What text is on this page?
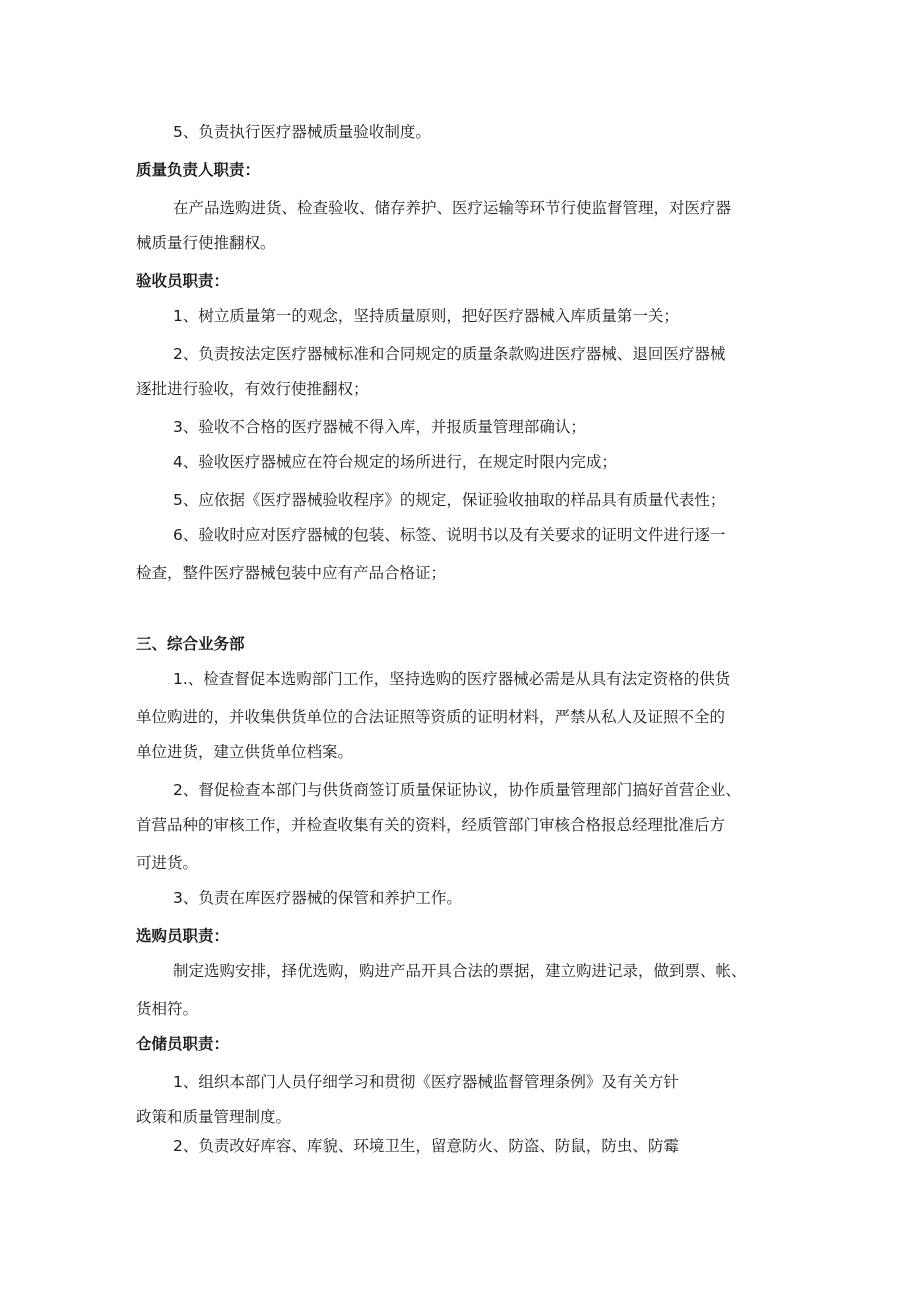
5、负责执行医疗器械质量验收制度。
质量负责人职责：
在产品选购进货、检查验收、储存养护、医疗运输等环节行使监督管理，对医疗器
械质量行使推翻权。
验收员职责：
1、树立质量第一的观念，坚持质量原则，把好医疗器械入库质量第一关；
2、负责按法定医疗器械标准和合同规定的质量条款购进医疗器械、退回医疗器械
逐批进行验收，有效行使推翻权；
3、验收不合格的医疗器械不得入库，并报质量管理部确认；
4、验收医疗器械应在符台规定的场所进行，在规定时限内完成；
5、应依据《医疗器械验收程序》的规定，保证验收抽取的样品具有质量代表性；
6、验收时应对医疗器械的包装、标签、说明书以及有关要求的证明文件进行逐一
检查，整件医疗器械包装中应有产品合格证；
三、综合业务部
1.、检查督促本选购部门工作，坚持选购的医疗器械必需是从具有法定资格的供货
单位购进的，并收集供货单位的合法证照等资质的证明材料，严禁从私人及证照不全的
单位进货，建立供货单位档案。
2、督促检查本部门与供货商签订质量保证协议，协作质量管理部门搞好首营企业、
首营品种的审核工作，并检查收集有关的资料，经质管部门审核合格报总经理批准后方
可进货。
3、负责在库医疗器械的保管和养护工作。
选购员职责：
制定选购安排，择优选购，购进产品开具合法的票据，建立购进记录，做到票、帐、
货相符。
仓储员职责：
1、组织本部门人员仔细学习和贯彻《医疗器械监督管理条例》及有关方针
政策和质量管理制度。
2、负责改好库容、库貌、环境卫生，留意防火、防盗、防鼠，防虫、防霉
